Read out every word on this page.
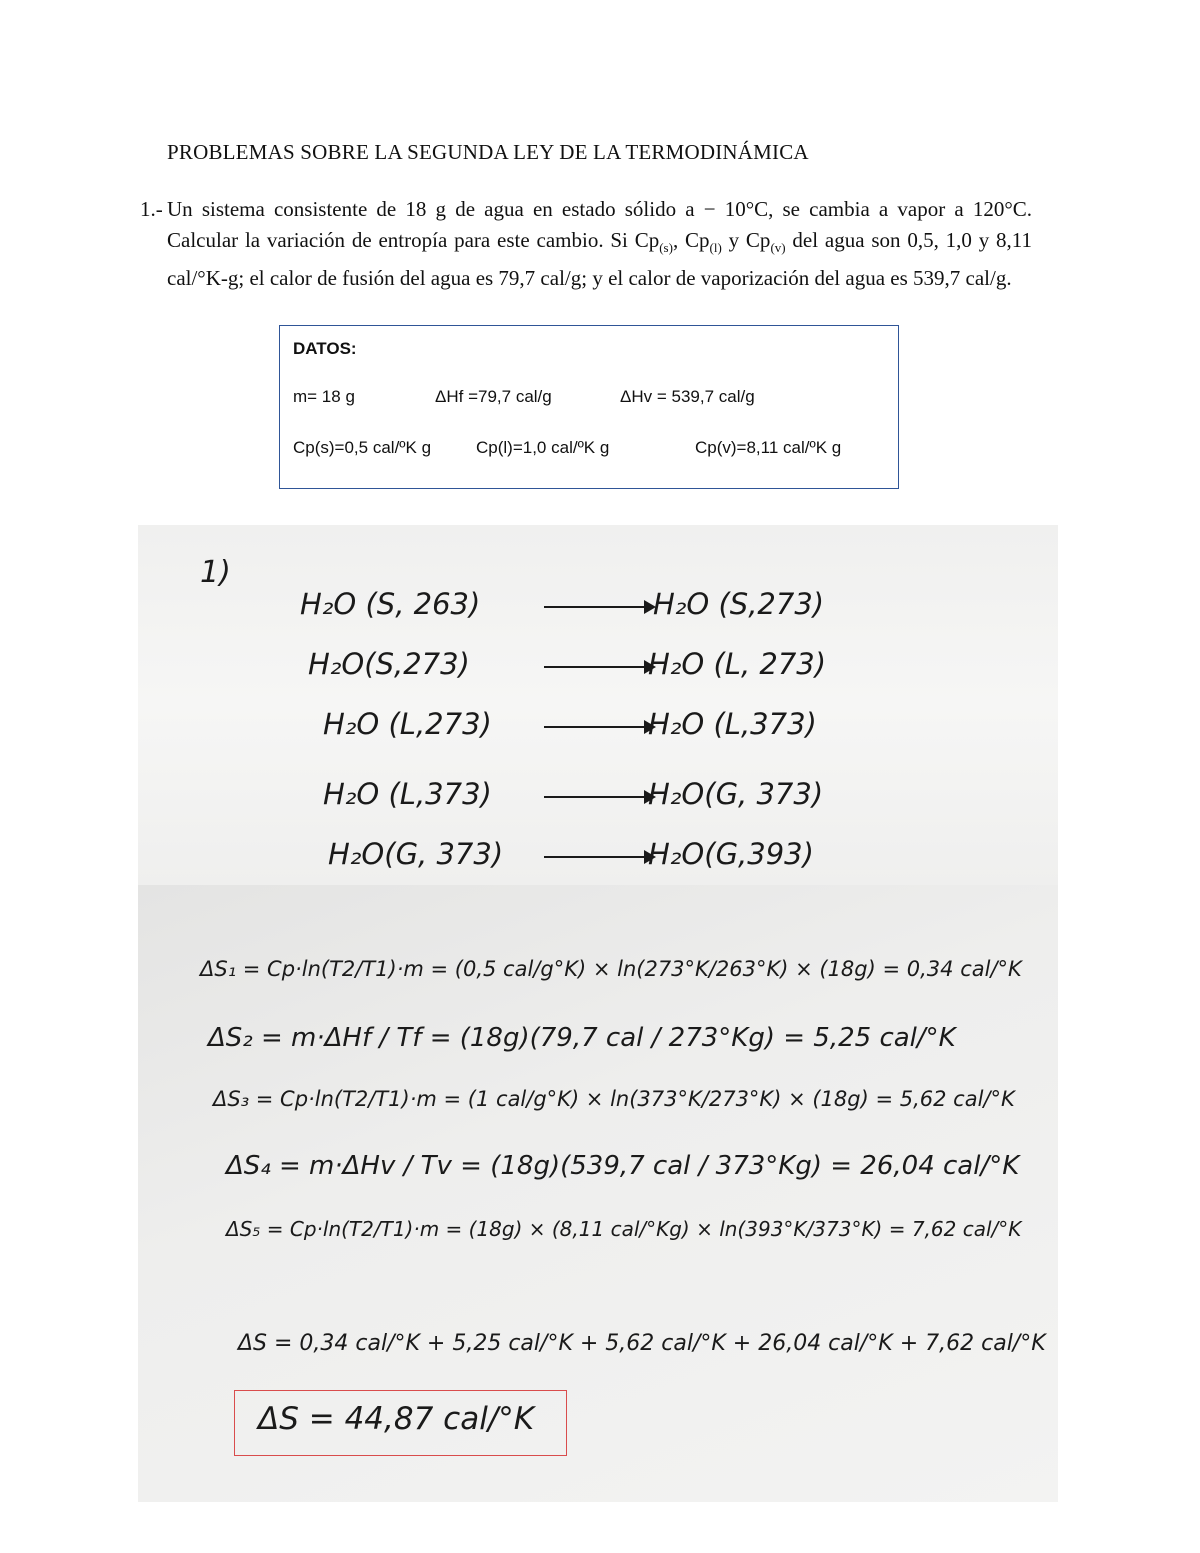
PROBLEMAS SOBRE LA SEGUNDA LEY DE LA TERMODINÁMICA
1.- Un sistema consistente de 18 g de agua en estado sólido a − 10°C, se cambia a vapor a 120°C. Calcular la variación de entropía para este cambio. Si $Cp_{(s)}$, $Cp_{(l)}$ y $Cp_{(v)}$ del agua son 0,5, 1,0 y 8,11 cal/°K-g; el calor de fusión del agua es 79,7 cal/g; y el calor de vaporización del agua es 539,7 cal/g.
DATOS:
m= 18 g	ΔHf =79,7 cal/g	ΔHv = 539,7 cal/g
Cp(s)=0,5 cal/ºK g	Cp(l)=1,0 cal/ºK g	Cp(v)=8,11 cal/ºK g
1)
H₂O (S, 263)	H₂O (S,273)
H₂O(S,273)	H₂O (L, 273)
H₂O (L,273)	H₂O (L,373)
H₂O (L,373)	H₂O(G, 373)
H₂O(G, 373)	H₂O(G,393)
ΔS₁ = Cp·ln(T2/T1)·m = (0,5 cal/g°K) × ln(273°K/263°K) × (18g) = 0,34 cal/°K
ΔS₂ = m·ΔHf / Tf = (18g)(79,7 cal / 273°Kg) = 5,25 cal/°K
ΔS₃ = Cp·ln(T2/T1)·m = (1 cal/g°K) × ln(373°K/273°K) × (18g) = 5,62 cal/°K
ΔS₄ = m·ΔHv / Tv = (18g)(539,7 cal / 373°Kg) = 26,04 cal/°K
ΔS₅ = Cp·ln(T2/T1)·m = (18g) × (8,11 cal/°Kg) × ln(393°K/373°K) = 7,62 cal/°K
ΔS = 0,34 cal/°K + 5,25 cal/°K + 5,62 cal/°K + 26,04 cal/°K + 7,62 cal/°K
ΔS = 44,87 cal/°K
